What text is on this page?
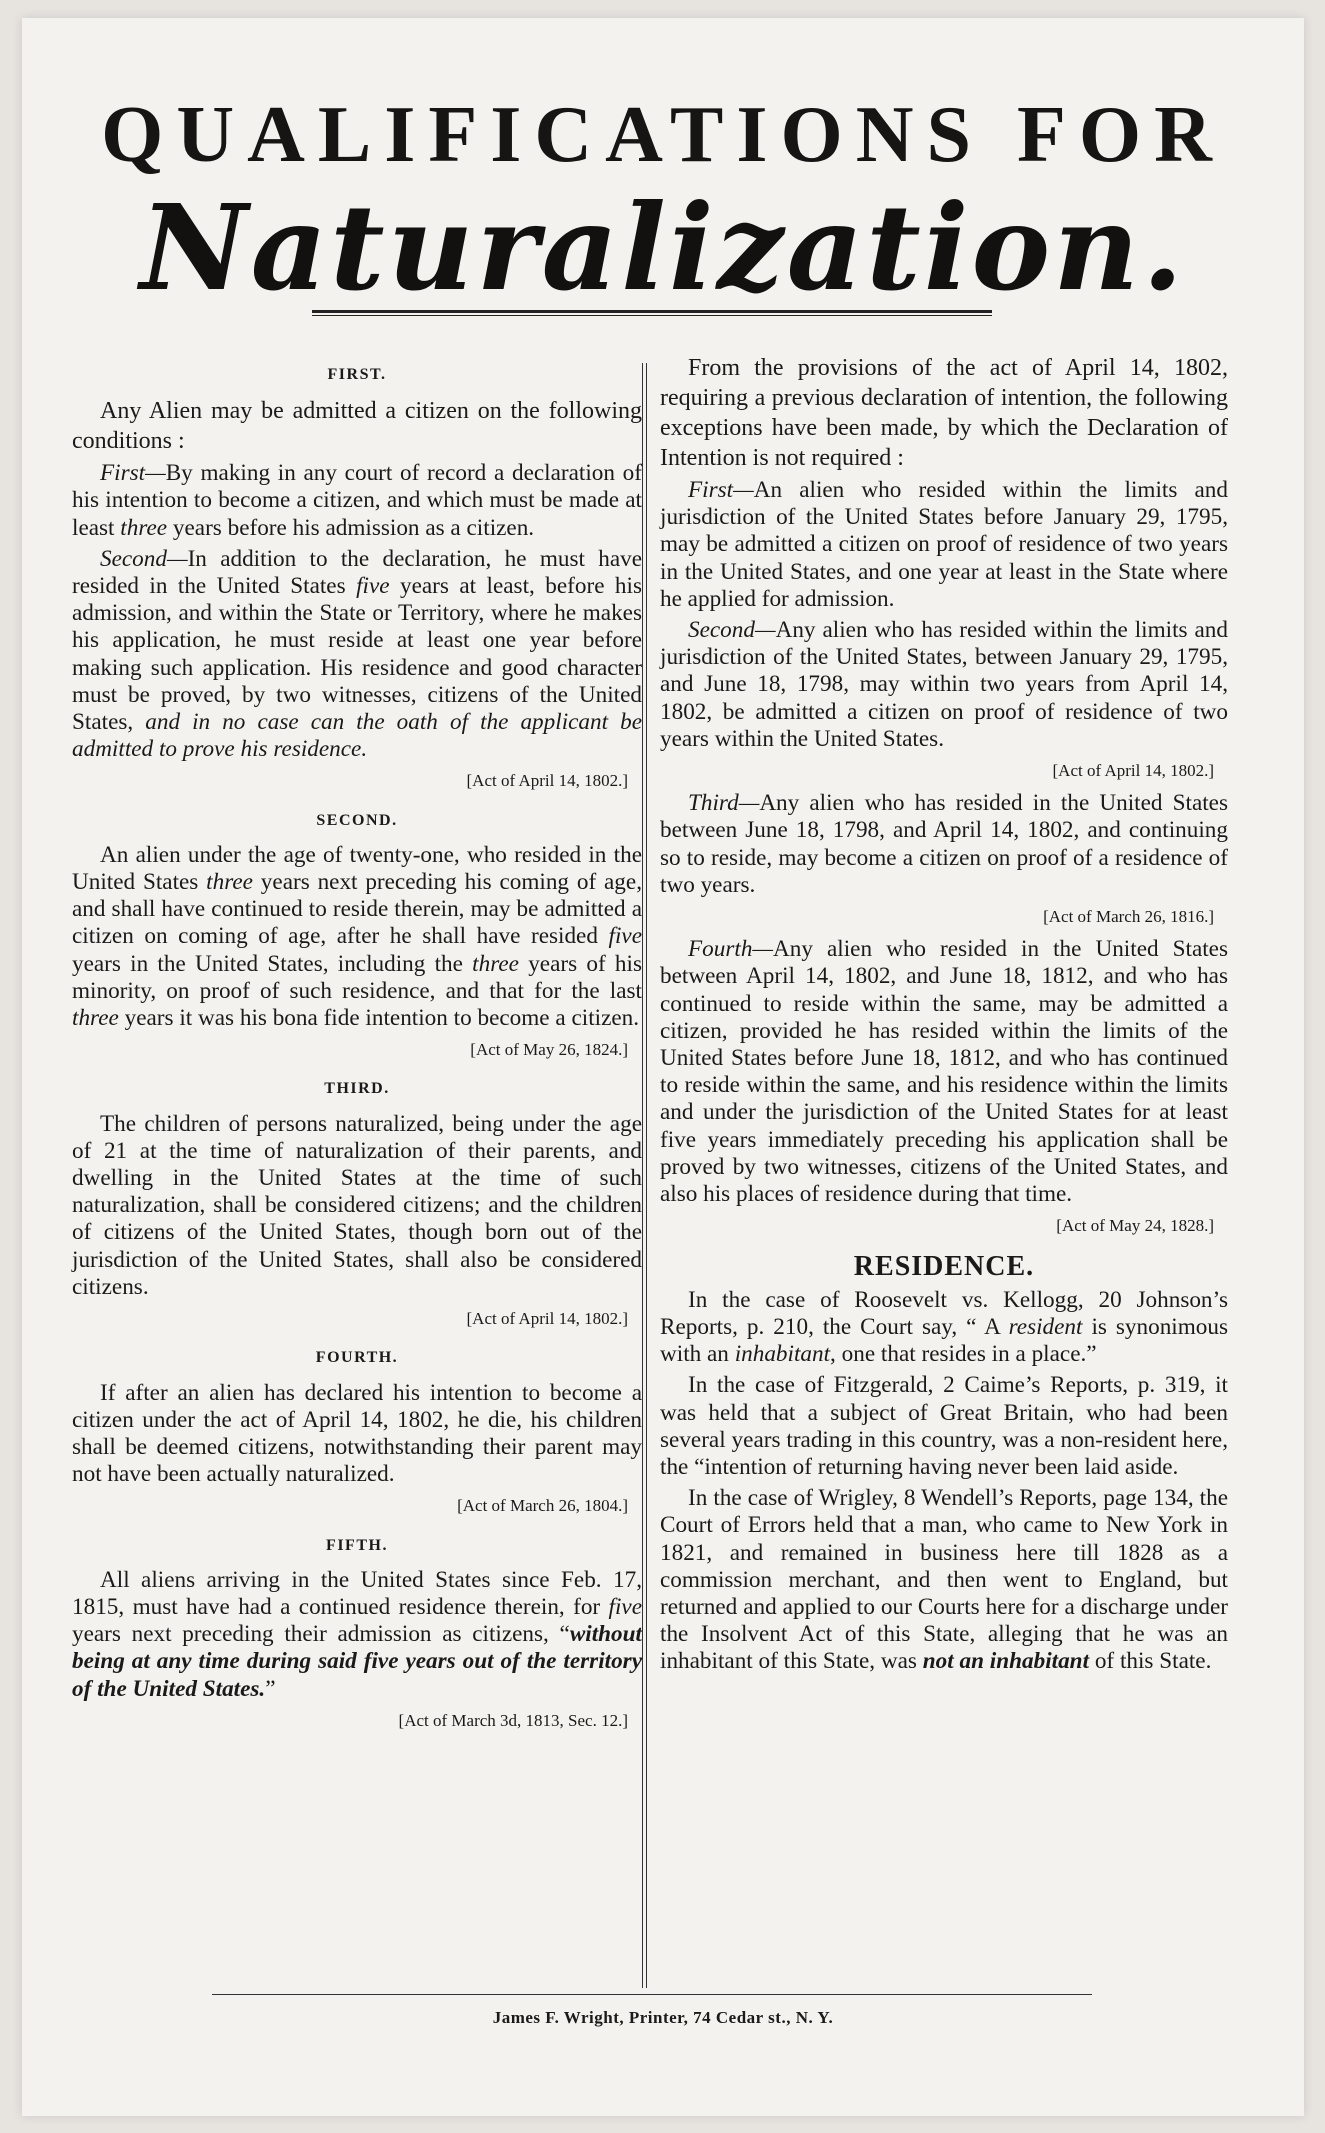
QUALIFICATIONS FOR
Naturalization.
FIRST.

Any Alien may be admitted a citizen on the following conditions :

First—By making in any court of record a declaration of his intention to become a citizen, and which must be made at least three years before his admission as a citizen.

Second—In addition to the declaration, he must have resided in the United States five years at least, before his admission, and within the State or Territory, where he makes his application, he must reside at least one year before making such application. His residence and good character must be proved, by two witnesses, citizens of the United States, and in no case can the oath of the applicant be admitted to prove his residence.

[Act of April 14, 1802.]
SECOND.

An alien under the age of twenty-one, who resided in the United States three years next preceding his coming of age, and shall have continued to reside therein, may be admitted a citizen on coming of age, after he shall have resided five years in the United States, including the three years of his minority, on proof of such residence, and that for the last three years it was his bona fide intention to become a citizen.

[Act of May 26, 1824.]
THIRD.

The children of persons naturalized, being under the age of 21 at the time of naturalization of their parents, and dwelling in the United States at the time of such naturalization, shall be considered citizens; and the children of citizens of the United States, though born out of the jurisdiction of the United States, shall also be considered citizens.

[Act of April 14, 1802.]
FOURTH.

If after an alien has declared his intention to become a citizen under the act of April 14, 1802, he die, his children shall be deemed citizens, notwithstanding their parent may not have been actually naturalized.

[Act of March 26, 1804.]
FIFTH.

All aliens arriving in the United States since Feb. 17, 1815, must have had a continued residence therein, for five years next preceding their admission as citizens, “without being at any time during said five years out of the territory of the United States.”

[Act of March 3d, 1813, Sec. 12.]

From the provisions of the act of April 14, 1802, requiring a previous declaration of intention, the following exceptions have been made, by which the Declaration of Intention is not required :

First—An alien who resided within the limits and jurisdiction of the United States before January 29, 1795, may be admitted a citizen on proof of residence of two years in the United States, and one year at least in the State where he applied for admission.

Second—Any alien who has resided within the limits and jurisdiction of the United States, between January 29, 1795, and June 18, 1798, may within two years from April 14, 1802, be admitted a citizen on proof of residence of two years within the United States.

[Act of April 14, 1802.]

Third—Any alien who has resided in the United States between June 18, 1798, and April 14, 1802, and continuing so to reside, may become a citizen on proof of a residence of two years.

[Act of March 26, 1816.]

Fourth—Any alien who resided in the United States between April 14, 1802, and June 18, 1812, and who has continued to reside within the same, may be admitted a citizen, provided he has resided within the limits of the United States before June 18, 1812, and who has continued to reside within the same, and his residence within the limits and under the jurisdiction of the United States for at least five years immediately preceding his application shall be proved by two witnesses, citizens of the United States, and also his places of residence during that time.

[Act of May 24, 1828.]
RESIDENCE.

In the case of Roosevelt vs. Kellogg, 20 Johnson’s Reports, p. 210, the Court say, “ A resident is synonimous with an inhabitant, one that resides in a place.”

In the case of Fitzgerald, 2 Caime’s Reports, p. 319, it was held that a subject of Great Britain, who had been several years trading in this country, was a non-resident here, the “intention of returning having never been laid aside.

In the case of Wrigley, 8 Wendell’s Reports, page 134, the Court of Errors held that a man, who came to New York in 1821, and remained in business here till 1828 as a commission merchant, and then went to England, but returned and applied to our Courts here for a discharge under the Insolvent Act of this State, alleging that he was an inhabitant of this State, was not an inhabitant of this State.

James F. Wright, Printer, 74 Cedar st., N. Y.
